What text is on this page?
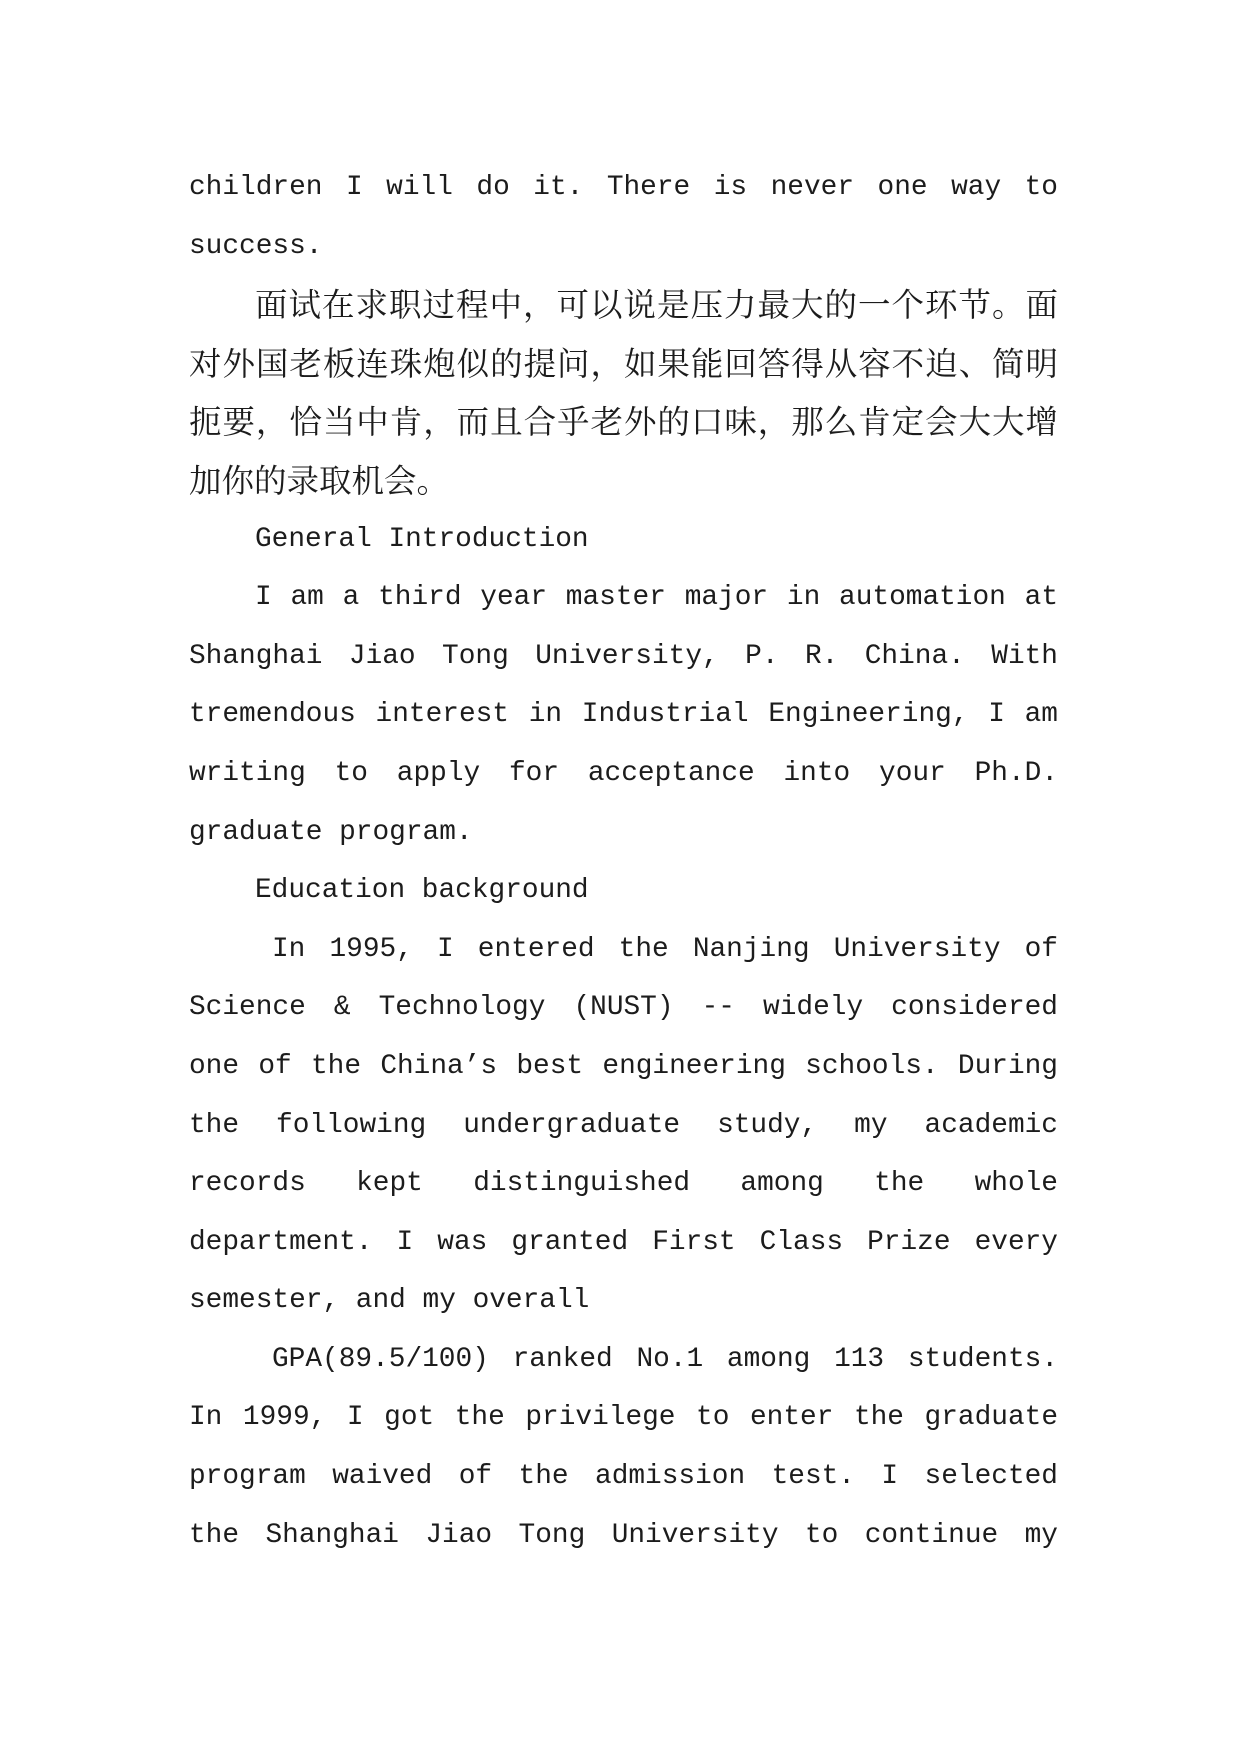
children I will do it. There is never one way to
success.
面试在求职过程中，可以说是压力最大的一个环节。面
对外国老板连珠炮似的提问，如果能回答得从容不迫、简明
扼要，恰当中肯，而且合乎老外的口味，那么肯定会大大增
加你的录取机会。
General Introduction
I am a third year master major in automation at
Shanghai Jiao Tong University, P. R. China. With
tremendous interest in Industrial Engineering, I am
writing to apply for acceptance into your Ph.D.
graduate program.
Education background
In 1995, I entered the Nanjing University of
Science & Technology (NUST) -- widely considered
one of the China’s best engineering schools. During
the following undergraduate study, my academic
records kept distinguished among the whole
department. I was granted First Class Prize every
semester, and my overall
GPA(89.5/100) ranked No.1 among 113 students.
In 1999, I got the privilege to enter the graduate
program waived of the admission test. I selected
the Shanghai Jiao Tong University to continue my
